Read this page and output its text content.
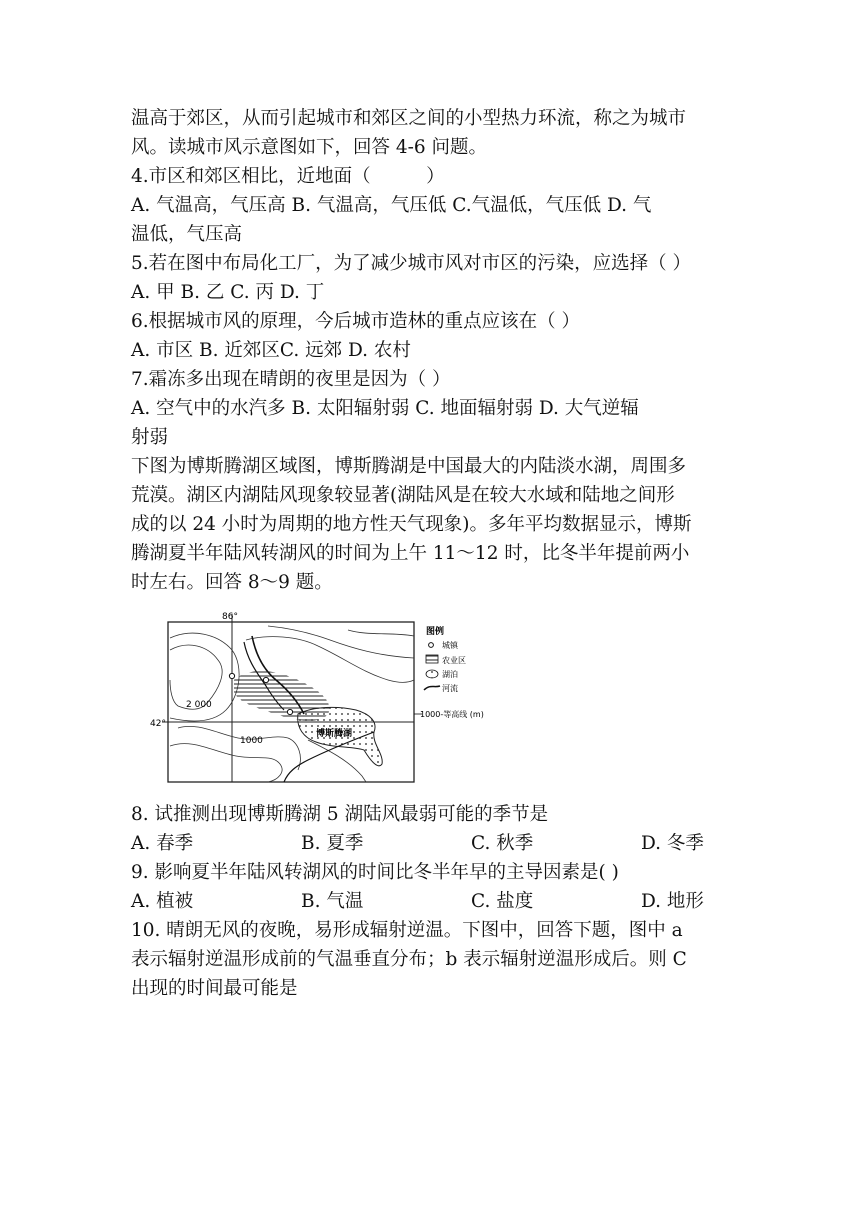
温高于郊区，从而引起城市和郊区之间的小型热力环流，称之为城市
风。读城市风示意图如下，回答 4-6 问题。
4.市区和郊区相比，近地面（　　　）
A. 气温高，气压高 B. 气温高，气压低 C.气温低，气压低 D. 气
温低，气压高
5.若在图中布局化工厂，为了减少城市风对市区的污染，应选择（ ）
A. 甲 B. 乙 C. 丙 D. 丁
6.根据城市风的原理，今后城市造林的重点应该在（ ）
A. 市区 B. 近郊区C. 远郊 D. 农村
7.霜冻多出现在晴朗的夜里是因为（ ）
A. 空气中的水汽多 B. 太阳辐射弱 C. 地面辐射弱 D. 大气逆辐
射弱
下图为博斯腾湖区域图，博斯腾湖是中国最大的内陆淡水湖，周围多
荒漠。湖区内湖陆风现象较显著(湖陆风是在较大水域和陆地之间形
成的以 24 小时为周期的地方性天气现象)。多年平均数据显示，博斯
腾湖夏半年陆风转湖风的时间为上午 11～12 时，比冬半年提前两小
时左右。回答 8～9 题。
86°
42°
2 000
1000
博斯腾湖
图例
城镇
农业区
湖泊
河流
1000-等高线 (m)
8. 试推测出现博斯腾湖 5 湖陆风最弱可能的季节是
A. 春季	B. 夏季	C. 秋季	D. 冬季
9. 影响夏半年陆风转湖风的时间比冬半年早的主导因素是( )
A. 植被	B. 气温	C. 盐度	D. 地形
10. 晴朗无风的夜晚，易形成辐射逆温。下图中，回答下题，图中 a
表示辐射逆温形成前的气温垂直分布；b 表示辐射逆温形成后。则 C
出现的时间最可能是
